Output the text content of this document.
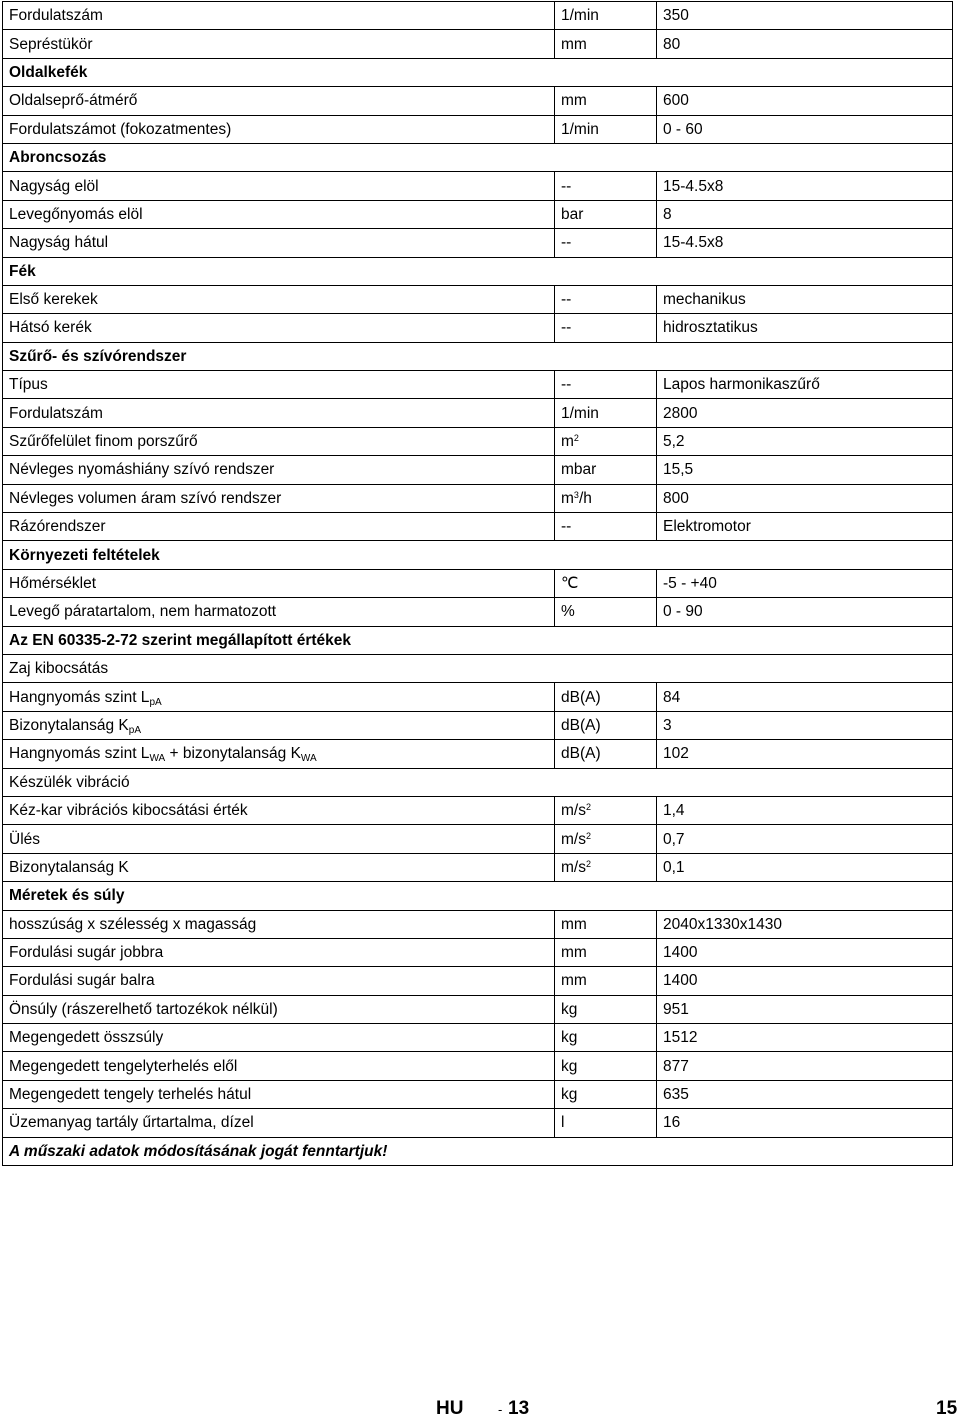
Fordulatszám	1/min	350
Sepréstükör	mm	80
Oldalkefék		
Oldalseprő-átmérő	mm	600
Fordulatszámot (fokozatmentes)	1/min	0 - 60
Abroncsozás		
Nagyság elöl	--	15-4.5x8
Levegőnyomás elöl	bar	8
Nagyság hátul	--	15-4.5x8
Fék		
Első kerekek	--	mechanikus
Hátsó kerék	--	hidrosztatikus
Szűrő- és szívórendszer		
Típus	--	Lapos harmonikaszűrő
Fordulatszám	1/min	2800
Szűrőfelület finom porszűrő	$m^2$	5,2
Névleges nyomáshiány szívó rendszer	mbar	15,5
Névleges volumen áram szívó rendszer	$m^3/h$	800
Rázórendszer	--	Elektromotor
Környezeti feltételek		
Hőmérséklet	℃	-5 - +40
Levegő páratartalom, nem harmatozott	%	0 - 90
Az EN 60335-2-72 szerint megállapított értékek		
Zaj kibocsátás		
Hangnyomás szint $L_{pA}$	dB(A)	84
Bizonytalanság $K_{pA}$	dB(A)	3
Hangnyomás szint $L_{WA}$ + bizonytalanság $K_{WA}$	dB(A)	102
Készülék vibráció		
Kéz-kar vibrációs kibocsátási érték	$m/s^2$	1,4
Ülés	$m/s^2$	0,7
Bizonytalanság K	$m/s^2$	0,1
Méretek és súly		
hosszúság x szélesség x magasság	mm	2040x1330x1430
Fordulási sugár jobbra	mm	1400
Fordulási sugár balra	mm	1400
Önsúly (rászerelhető tartozékok nélkül)	kg	951
Megengedett összsúly	kg	1512
Megengedett tengelyterhelés elől	kg	877
Megengedett tengely terhelés hátul	kg	635
Üzemanyag tartály űrtartalma, dízel	l	16
A műszaki adatok módosításának jogát fenntartjuk!		
HU	- 13	15
